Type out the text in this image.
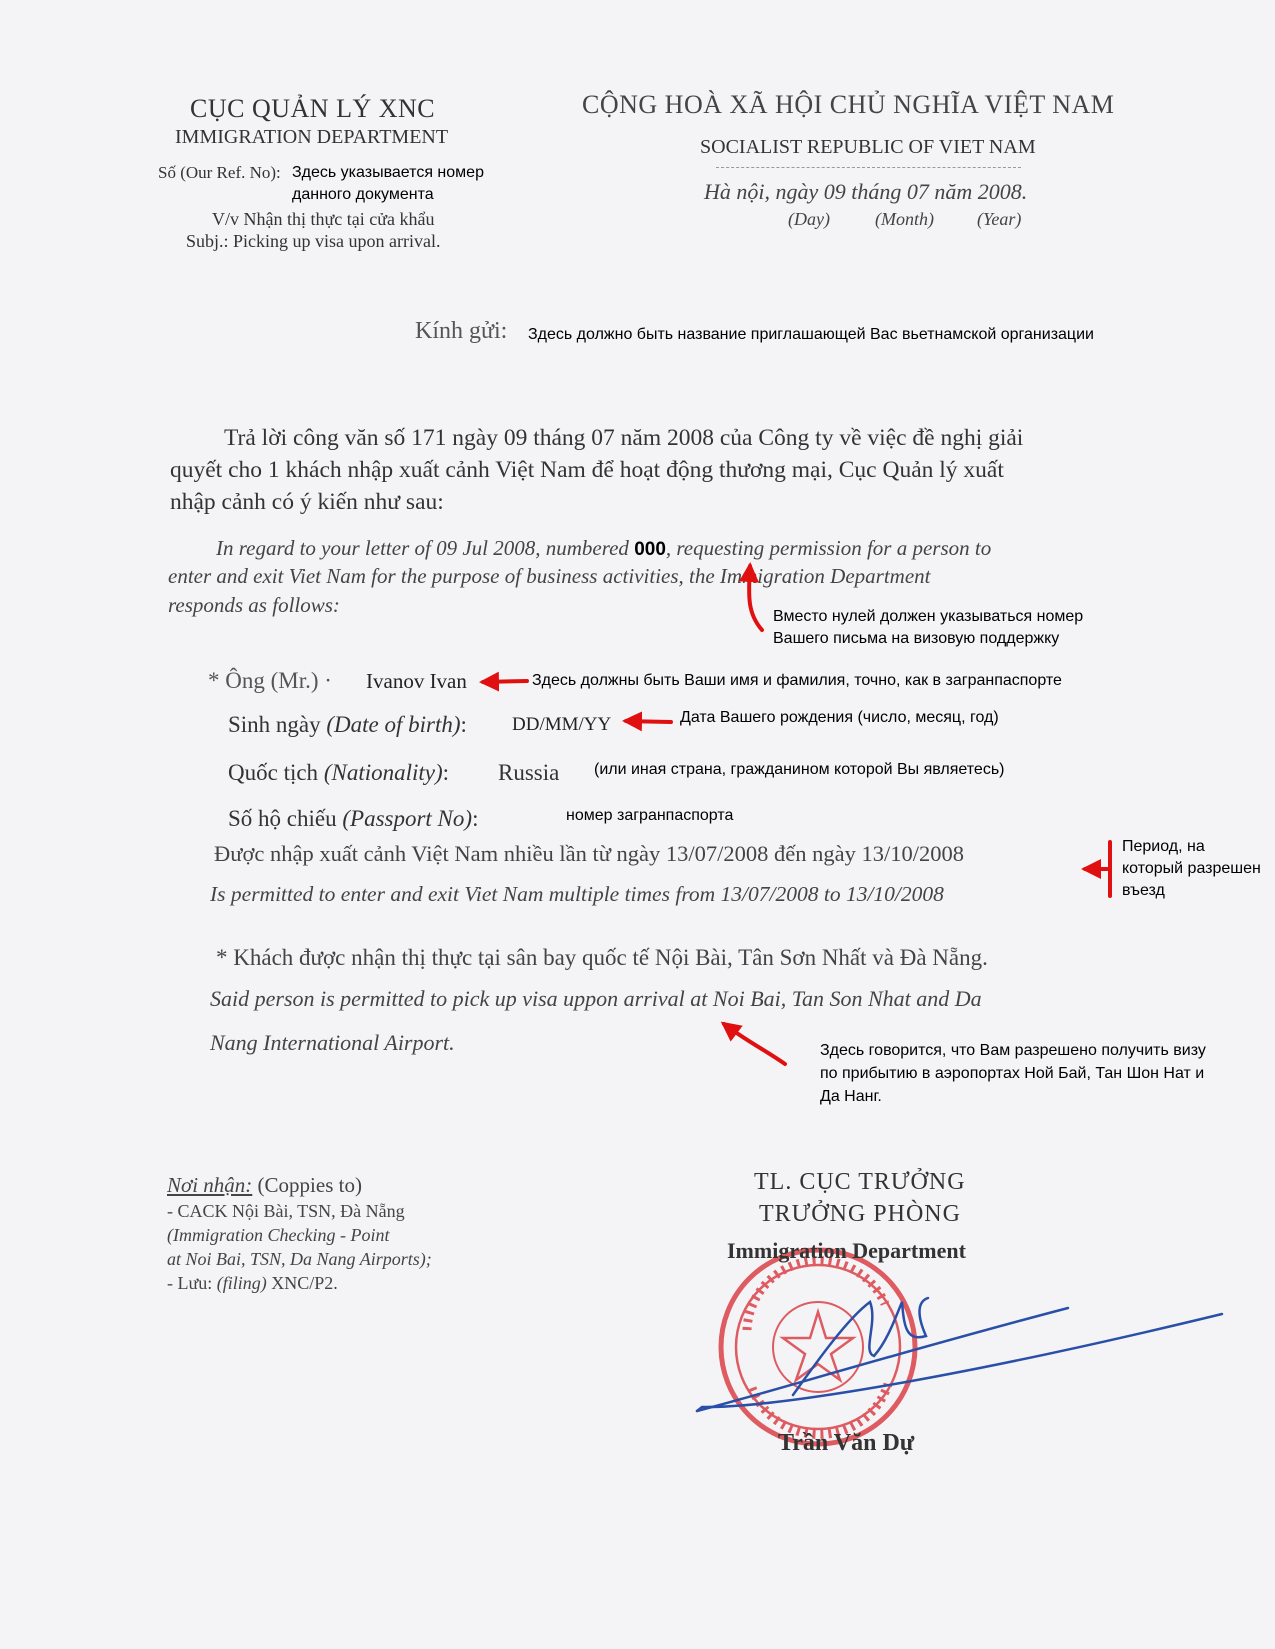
CỤC QUẢN LÝ XNC
IMMIGRATION DEPARTMENT
Số (Our Ref. No): Здесь указывается номер
данного документа
V/v Nhận thị thực tại cửa khẩu
Subj.: Picking up visa upon arrival.
CỘNG HOÀ XÃ HỘI CHỦ NGHĨA VIỆT NAM
SOCIALIST REPUBLIC OF VIET NAM
Hà nội, ngày 09 tháng 07 năm 2008.
(Day)	(Month) (Year)
Kính gửi: Здесь должно быть название приглашающей Вас вьетнамской организации
Trả lời công văn số 171 ngày 09 tháng 07 năm 2008 của Công ty về việc đề nghị giải
quyết cho 1 khách nhập xuất cảnh Việt Nam để hoạt động thương mại, Cục Quản lý xuất
nhập cảnh có ý kiến như sau:
In regard to your letter of 09 Jul 2008, numbered 000, requesting permission for a person to
enter and exit Viet Nam for the purpose of business activities, the Immigration Department
responds as follows:	Вместо нулей должен указываться номер
Вашего письма на визовую поддержку
* Ông (Mr.) · Ivanov Ivan	Здесь должны быть Ваши имя и фамилия, точно, как в загранпаспорте
Sinh ngày (Date of birth): DD/MM/YY	Дата Вашего рождения (число, месяц, год)
Quốc tịch (Nationality): Russia (или иная страна, гражданином которой Вы являетесь)
Số hộ chiếu (Passport No):	номер загранпаспорта
Được nhập xuất cảnh Việt Nam nhiều lần từ ngày 13/07/2008 đến ngày 13/10/2008
Is permitted to enter and exit Viet Nam multiple times from 13/07/2008 to 13/10/2008
Период, на
который разрешен
въезд
* Khách được nhận thị thực tại sân bay quốc tế Nội Bài, Tân Sơn Nhất và Đà Nẵng.
Said person is permitted to pick up visa uppon arrival at Noi Bai, Tan Son Nhat and Da
Nang International Airport.	Здесь говорится, что Вам разрешено получить визу
по прибытию в аэропортах Ной Бай, Тан Шон Нат и
Да Нанг.
Nơi nhận: (Coppies to)
- CACK Nội Bài, TSN, Đà Nẵng
(Immigration Checking - Point
at Noi Bai, TSN, Da Nang Airports);
- Lưu: (filing) XNC/P2.
TL. CỤC TRƯỞNG
TRƯỞNG PHÒNG
Immigration Department
Trần Văn Dự
